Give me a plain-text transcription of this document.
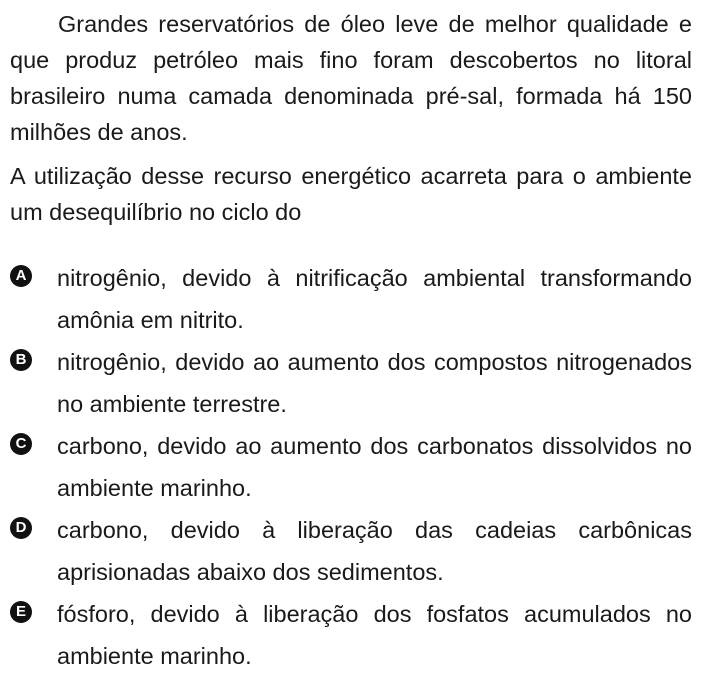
Grandes reservatórios de óleo leve de melhor qualidade e que produz petróleo mais fino foram descobertos no litoral brasileiro numa camada denominada pré-sal, formada há 150 milhões de anos.

A utilização desse recurso energético acarreta para o ambiente um desequilíbrio no ciclo do

A nitrogênio, devido à nitrificação ambiental transformando amônia em nitrito.
B nitrogênio, devido ao aumento dos compostos nitrogenados no ambiente terrestre.
C carbono, devido ao aumento dos carbonatos dissolvidos no ambiente marinho.
D carbono, devido à liberação das cadeias carbônicas aprisionadas abaixo dos sedimentos.
E fósforo, devido à liberação dos fosfatos acumulados no ambiente marinho.
